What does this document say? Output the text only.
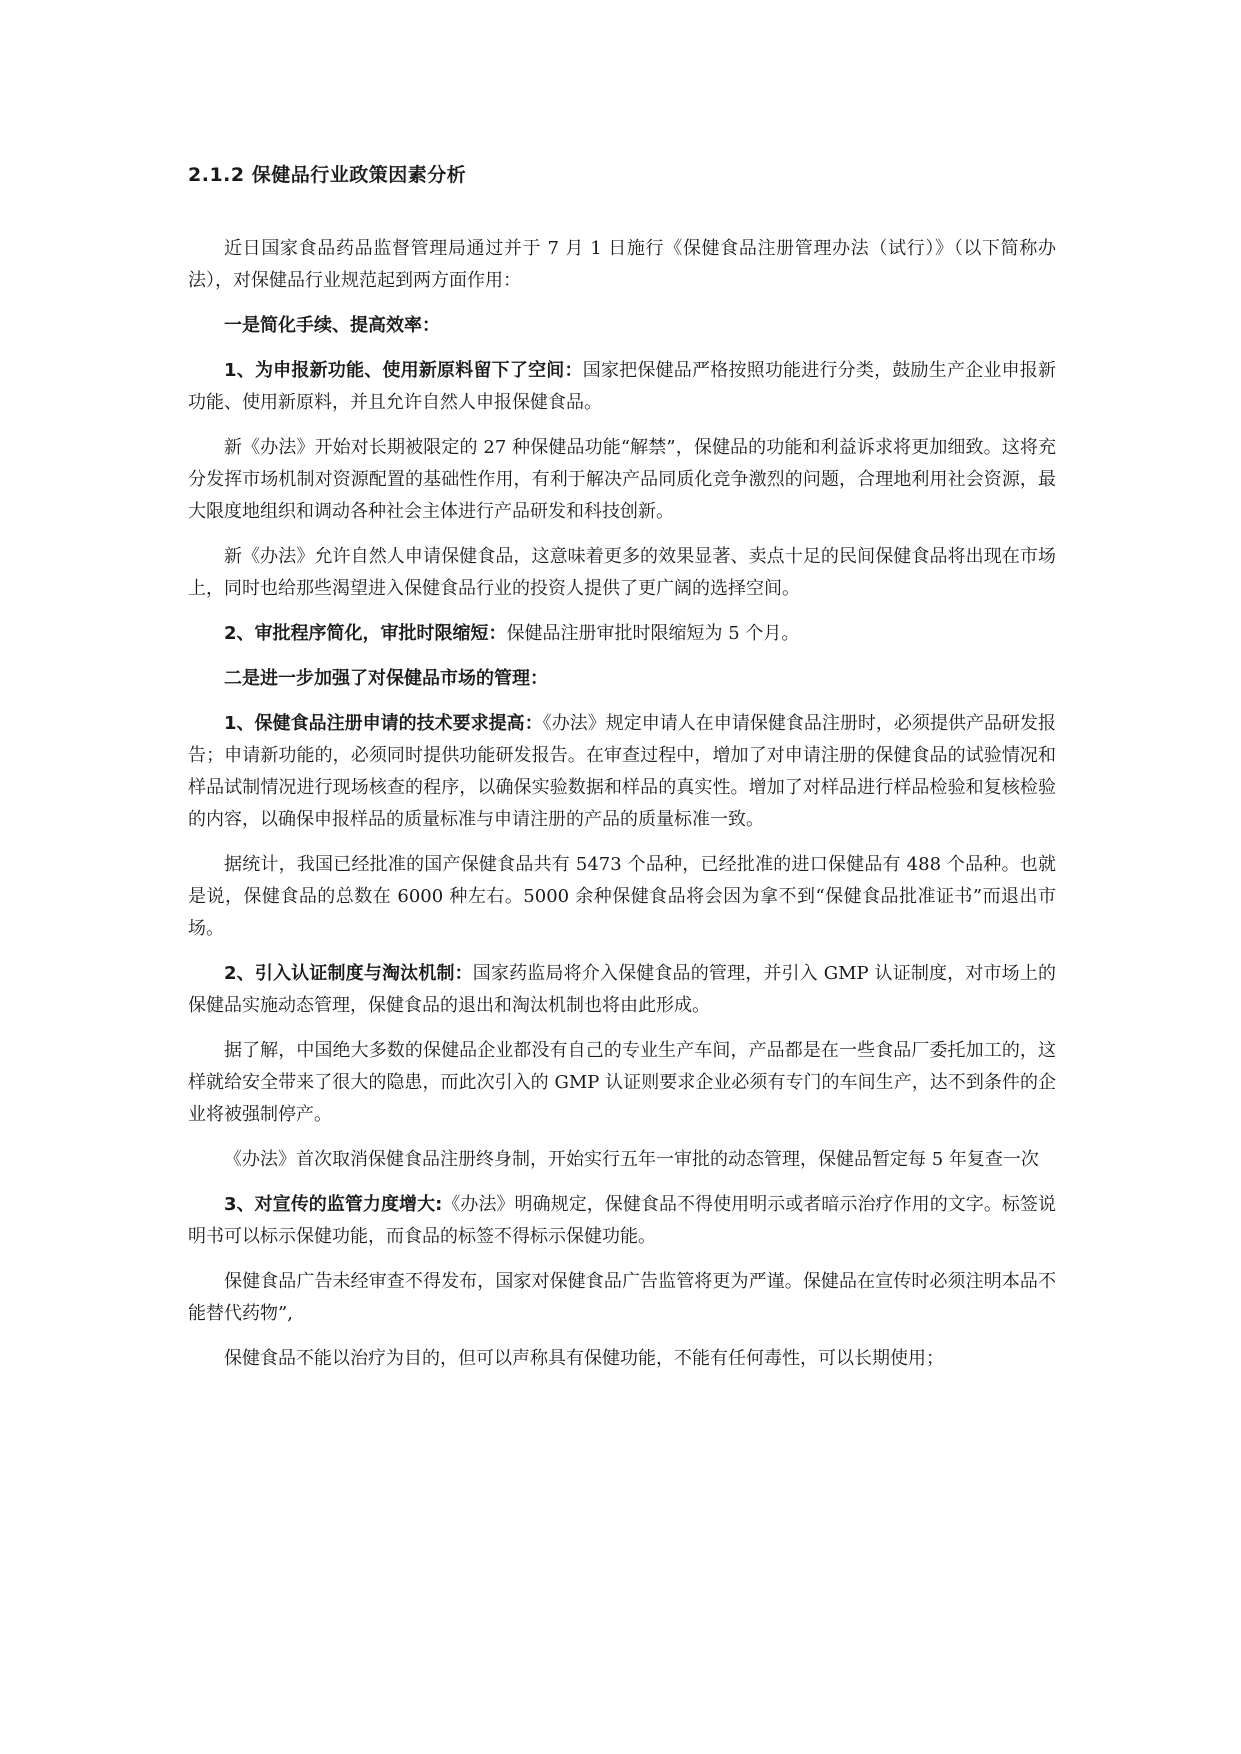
2.1.2 保健品行业政策因素分析

近日国家食品药品监督管理局通过并于 7 月 1 日施行《保健食品注册管理办法（试行）》（以下简称办法），对保健品行业规范起到两方面作用：

一是简化手续、提高效率：

1、为申报新功能、使用新原料留下了空间：国家把保健品严格按照功能进行分类，鼓励生产企业申报新功能、使用新原料，并且允许自然人申报保健食品。

新《办法》开始对长期被限定的 27 种保健品功能“解禁”，保健品的功能和利益诉求将更加细致。这将充分发挥市场机制对资源配置的基础性作用，有利于解决产品同质化竞争激烈的问题，合理地利用社会资源，最大限度地组织和调动各种社会主体进行产品研发和科技创新。

新《办法》允许自然人申请保健食品，这意味着更多的效果显著、卖点十足的民间保健食品将出现在市场上，同时也给那些渴望进入保健食品行业的投资人提供了更广阔的选择空间。

2、审批程序简化，审批时限缩短：保健品注册审批时限缩短为 5 个月。

二是进一步加强了对保健品市场的管理：

1、保健食品注册申请的技术要求提高：《办法》规定申请人在申请保健食品注册时，必须提供产品研发报告；申请新功能的，必须同时提供功能研发报告。在审查过程中，增加了对申请注册的保健食品的试验情况和样品试制情况进行现场核查的程序，以确保实验数据和样品的真实性。增加了对样品进行样品检验和复核检验的内容，以确保申报样品的质量标准与申请注册的产品的质量标准一致。

据统计，我国已经批准的国产保健食品共有 5473 个品种，已经批准的进口保健品有 488 个品种。也就是说，保健食品的总数在 6000 种左右。5000 余种保健食品将会因为拿不到“保健食品批准证书”而退出市场。

2、引入认证制度与淘汰机制：国家药监局将介入保健食品的管理，并引入 GMP 认证制度，对市场上的保健品实施动态管理，保健食品的退出和淘汰机制也将由此形成。

据了解，中国绝大多数的保健品企业都没有自己的专业生产车间，产品都是在一些食品厂委托加工的，这样就给安全带来了很大的隐患，而此次引入的 GMP 认证则要求企业必须有专门的车间生产，达不到条件的企业将被强制停产。

《办法》首次取消保健食品注册终身制，开始实行五年一审批的动态管理，保健品暂定每 5 年复查一次

3、对宣传的监管力度增大:《办法》明确规定，保健食品不得使用明示或者暗示治疗作用的文字。标签说明书可以标示保健功能，而食品的标签不得标示保健功能。

保健食品广告未经审查不得发布，国家对保健食品广告监管将更为严谨。保健品在宣传时必须注明本品不能替代药物”,

保健食品不能以治疗为目的，但可以声称具有保健功能，不能有任何毒性，可以长期使用；
